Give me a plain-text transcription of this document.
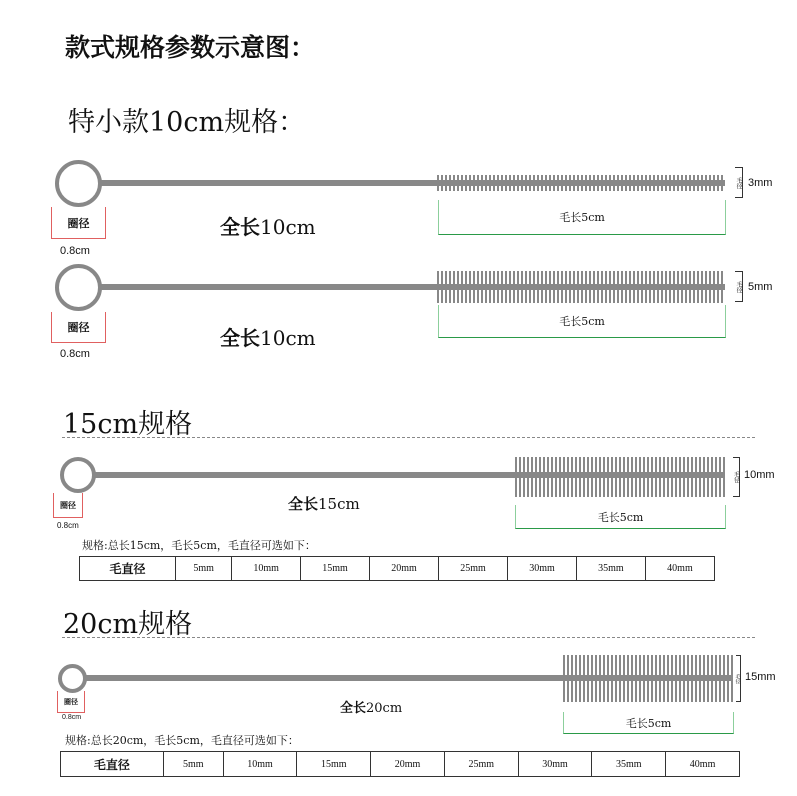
款式规格参数示意图：
特小款10cm规格：
圈径
0.8cm
全长10cm	毛长5cm
毛径 3mm
圈径
0.8cm
全长10cm
毛长5cm
毛径 5mm
15cm规格
圈径
0.8cm
全长15cm
毛长5cm
毛径 10mm
规格:总长15cm，毛长5cm，毛直径可选如下：
毛直径	5mm	10mm	15mm	20mm	25mm	30mm	35mm	40mm
20cm规格
圈径
0.8cm
全长20cm
毛长5cm
毛径 15mm
规格:总长20cm，毛长5cm，毛直径可选如下：
毛直径	5mm	10mm	15mm	20mm	25mm	30mm	35mm	40mm
